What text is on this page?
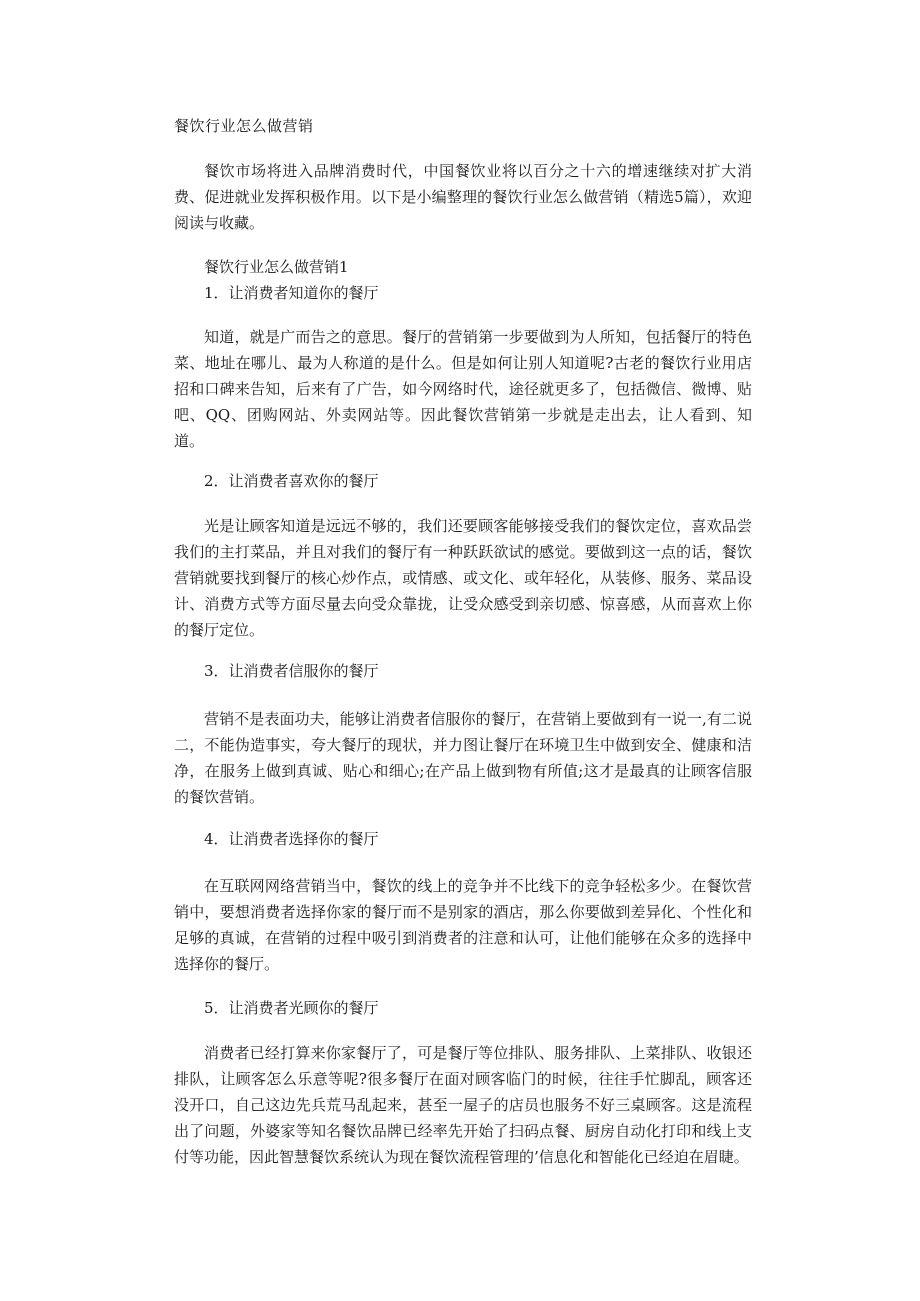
餐饮行业怎么做营销

餐饮市场将进入品牌消费时代，中国餐饮业将以百分之十六的增速继续对扩大消费、促进就业发挥积极作用。以下是小编整理的餐饮行业怎么做营销（精选5篇），欢迎阅读与收藏。

餐饮行业怎么做营销1
1．让消费者知道你的餐厅

知道，就是广而告之的意思。餐厅的营销第一步要做到为人所知，包括餐厅的特色菜、地址在哪儿、最为人称道的是什么。但是如何让别人知道呢?古老的餐饮行业用店招和口碑来告知，后来有了广告，如今网络时代，途径就更多了，包括微信、微博、贴吧、QQ、团购网站、外卖网站等。因此餐饮营销第一步就是走出去，让人看到、知道。

2．让消费者喜欢你的餐厅

光是让顾客知道是远远不够的，我们还要顾客能够接受我们的餐饮定位，喜欢品尝我们的主打菜品，并且对我们的餐厅有一种跃跃欲试的感觉。要做到这一点的话，餐饮营销就要找到餐厅的核心炒作点，或情感、或文化、或年轻化，从装修、服务、菜品设计、消费方式等方面尽量去向受众靠拢，让受众感受到亲切感、惊喜感，从而喜欢上你的餐厅定位。

3．让消费者信服你的餐厅

营销不是表面功夫，能够让消费者信服你的餐厅，在营销上要做到有一说一,有二说二，不能伪造事实，夸大餐厅的现状，并力图让餐厅在环境卫生中做到安全、健康和洁净，在服务上做到真诚、贴心和细心;在产品上做到物有所值;这才是最真的让顾客信服的餐饮营销。

4．让消费者选择你的餐厅

在互联网网络营销当中，餐饮的线上的竞争并不比线下的竞争轻松多少。在餐饮营销中，要想消费者选择你家的餐厅而不是别家的酒店，那么你要做到差异化、个性化和足够的真诚，在营销的过程中吸引到消费者的注意和认可，让他们能够在众多的选择中选择你的餐厅。

5．让消费者光顾你的餐厅

消费者已经打算来你家餐厅了，可是餐厅等位排队、服务排队、上菜排队、收银还排队，让顾客怎么乐意等呢?很多餐厅在面对顾客临门的时候，往往手忙脚乱，顾客还没开口，自己这边先兵荒马乱起来，甚至一屋子的店员也服务不好三桌顾客。这是流程出了问题，外婆家等知名餐饮品牌已经率先开始了扫码点餐、厨房自动化打印和线上支付等功能，因此智慧餐饮系统认为现在餐饮流程管理的’信息化和智能化已经迫在眉睫。
